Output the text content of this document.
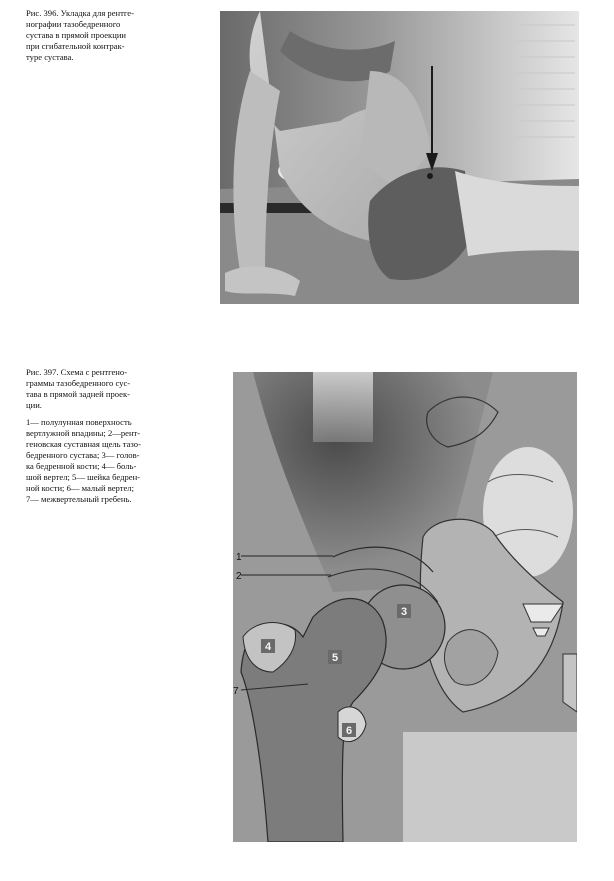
Рис. 396. Укладка для рентге-
нографии тазобедренного
сустава в прямой проекции
при сгибательной контрак-
туре сустава.
Рис. 397. Схема с рентгено-
граммы тазобедренного сус-
тава в прямой задней проек-
ции.
1— полулунная поверхность
вертлужной впадины; 2—рент-
геновская суставная щель тазо-
бедренного сустава; 3— голов-
ка бедренной кости; 4— боль-
шой вертел; 5— шейка бедрен-
ной кости; 6— малый вертел;
7— межвертельный гребень.
3
4
5
6
1
2
7
